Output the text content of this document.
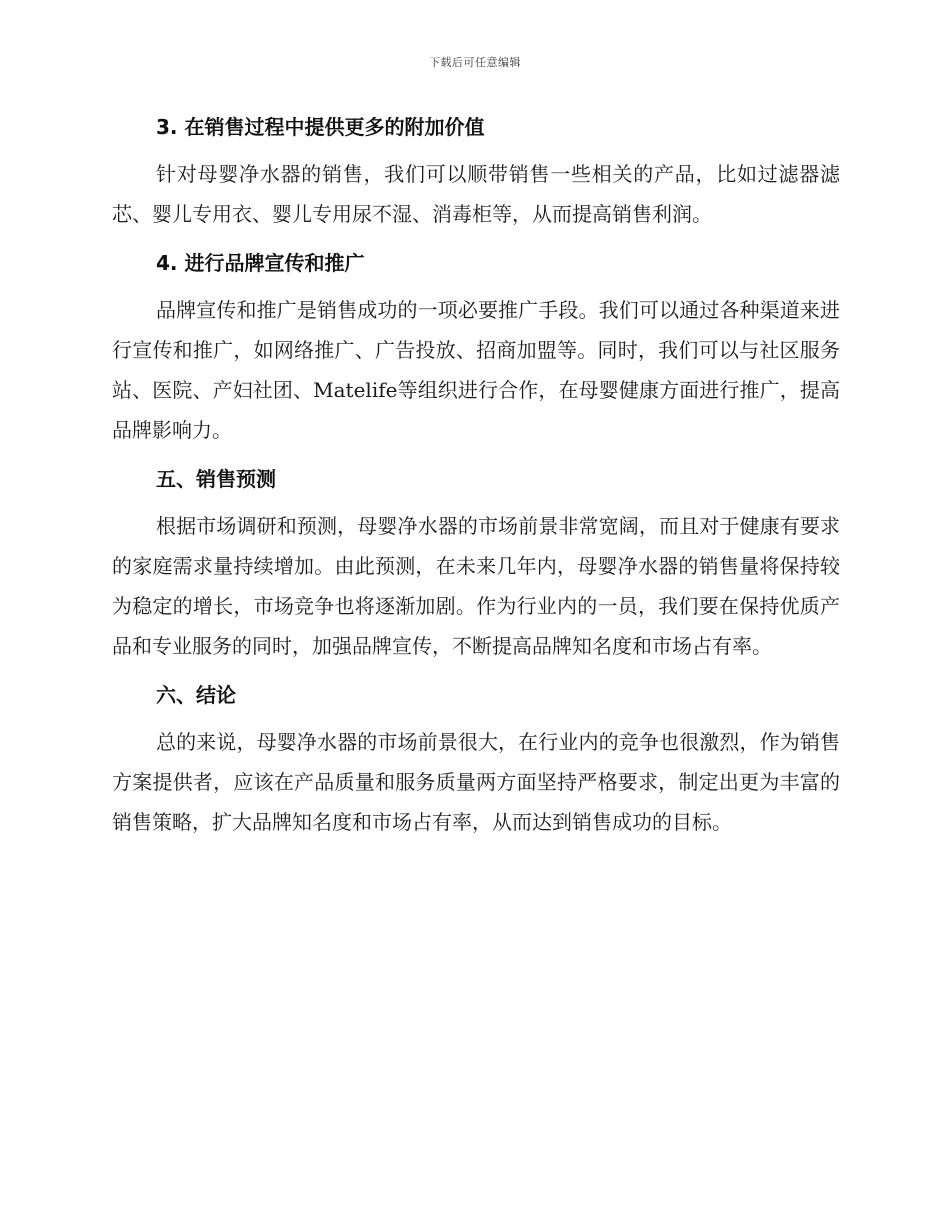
下载后可任意编辑
3. 在销售过程中提供更多的附加价值

针对母婴净水器的销售，我们可以顺带销售一些相关的产品，比如过滤器滤芯、婴儿专用衣、婴儿专用尿不湿、消毒柜等，从而提高销售利润。

4. 进行品牌宣传和推广

品牌宣传和推广是销售成功的一项必要推广手段。我们可以通过各种渠道来进行宣传和推广，如网络推广、广告投放、招商加盟等。同时，我们可以与社区服务站、医院、产妇社团、Matelife等组织进行合作，在母婴健康方面进行推广，提高品牌影响力。

五、销售预测

根据市场调研和预测，母婴净水器的市场前景非常宽阔，而且对于健康有要求的家庭需求量持续增加。由此预测，在未来几年内，母婴净水器的销售量将保持较为稳定的增长，市场竞争也将逐渐加剧。作为行业内的一员，我们要在保持优质产品和专业服务的同时，加强品牌宣传，不断提高品牌知名度和市场占有率。

六、结论

总的来说，母婴净水器的市场前景很大，在行业内的竞争也很激烈，作为销售方案提供者，应该在产品质量和服务质量两方面坚持严格要求，制定出更为丰富的销售策略，扩大品牌知名度和市场占有率，从而达到销售成功的目标。
